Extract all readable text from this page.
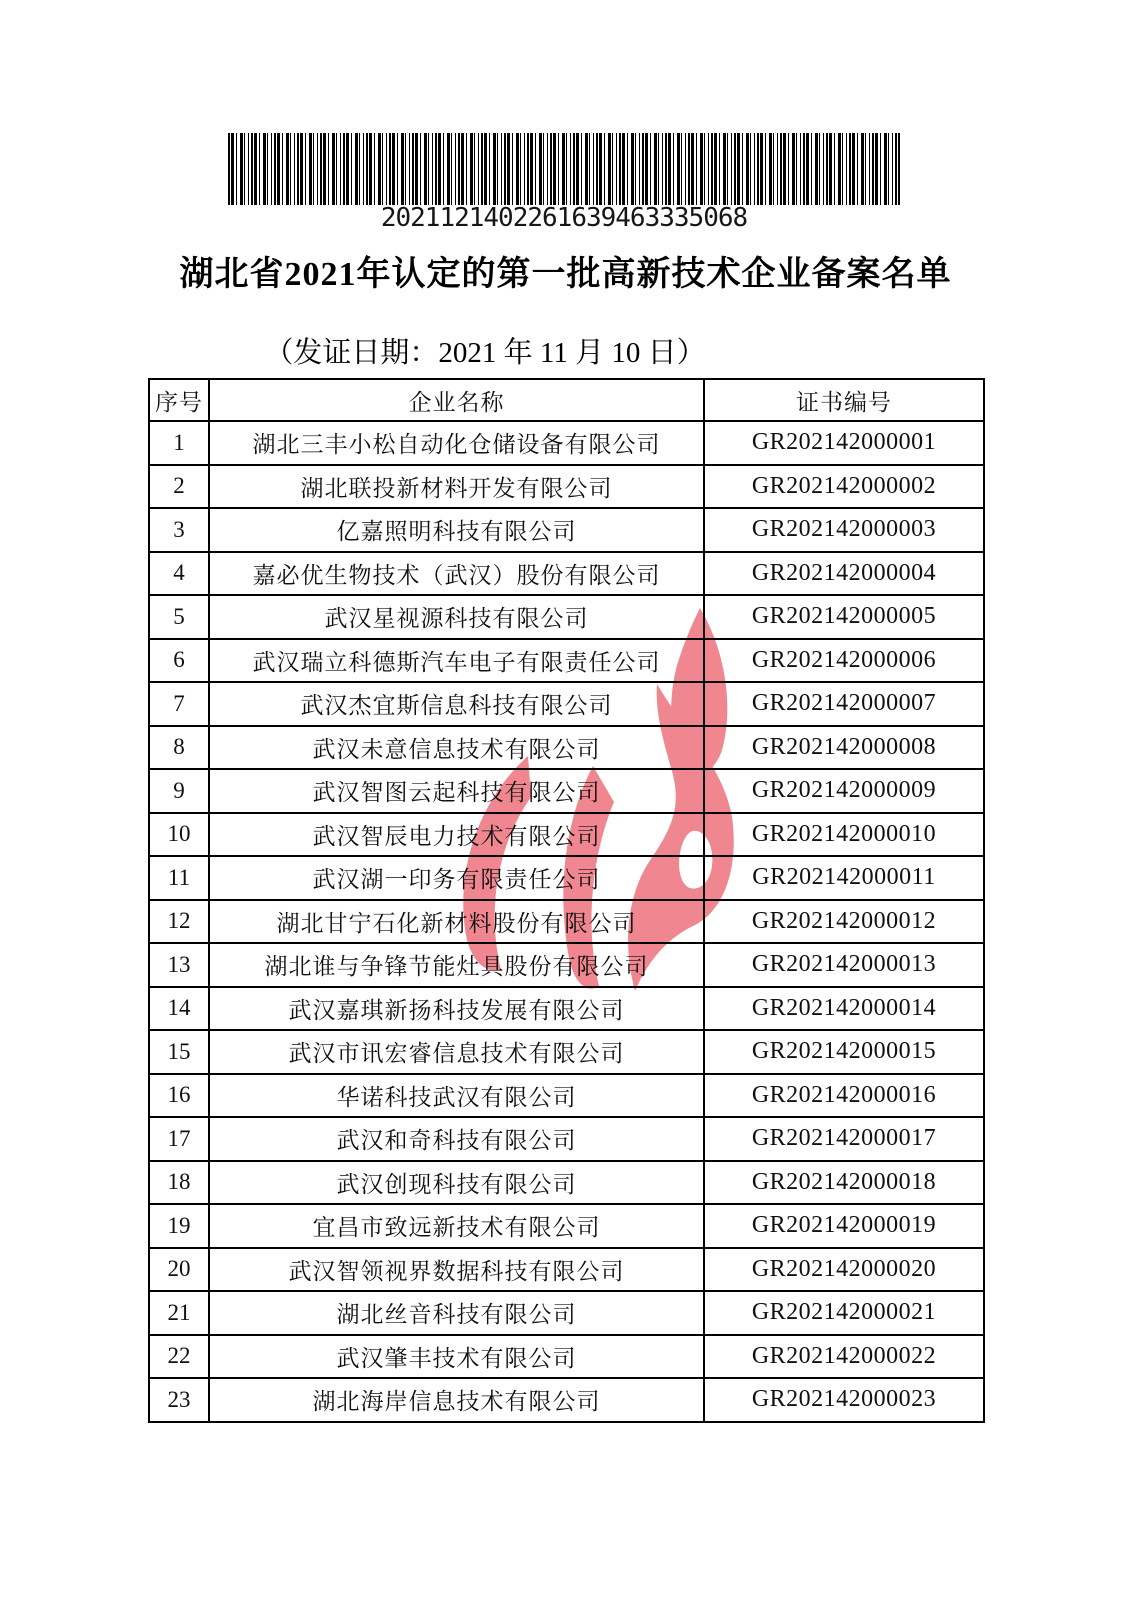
2021121402261639463335068
湖北省2021年认定的第一批高新技术企业备案名单
（发证日期：2021 年 11 月 10 日）
序号	企业名称	证书编号
1	湖北三丰小松自动化仓储设备有限公司	GR202142000001
2	湖北联投新材料开发有限公司	GR202142000002
3	亿嘉照明科技有限公司	GR202142000003
4	嘉必优生物技术（武汉）股份有限公司	GR202142000004
5	武汉星视源科技有限公司	GR202142000005
6	武汉瑞立科德斯汽车电子有限责任公司	GR202142000006
7	武汉杰宜斯信息科技有限公司	GR202142000007
8	武汉未意信息技术有限公司	GR202142000008
9	武汉智图云起科技有限公司	GR202142000009
10	武汉智辰电力技术有限公司	GR202142000010
11	武汉湖一印务有限责任公司	GR202142000011
12	湖北甘宁石化新材料股份有限公司	GR202142000012
13	湖北谁与争锋节能灶具股份有限公司	GR202142000013
14	武汉嘉琪新扬科技发展有限公司	GR202142000014
15	武汉市讯宏睿信息技术有限公司	GR202142000015
16	华诺科技武汉有限公司	GR202142000016
17	武汉和奇科技有限公司	GR202142000017
18	武汉创现科技有限公司	GR202142000018
19	宜昌市致远新技术有限公司	GR202142000019
20	武汉智领视界数据科技有限公司	GR202142000020
21	湖北丝音科技有限公司	GR202142000021
22	武汉肇丰技术有限公司	GR202142000022
23	湖北海岸信息技术有限公司	GR202142000023
